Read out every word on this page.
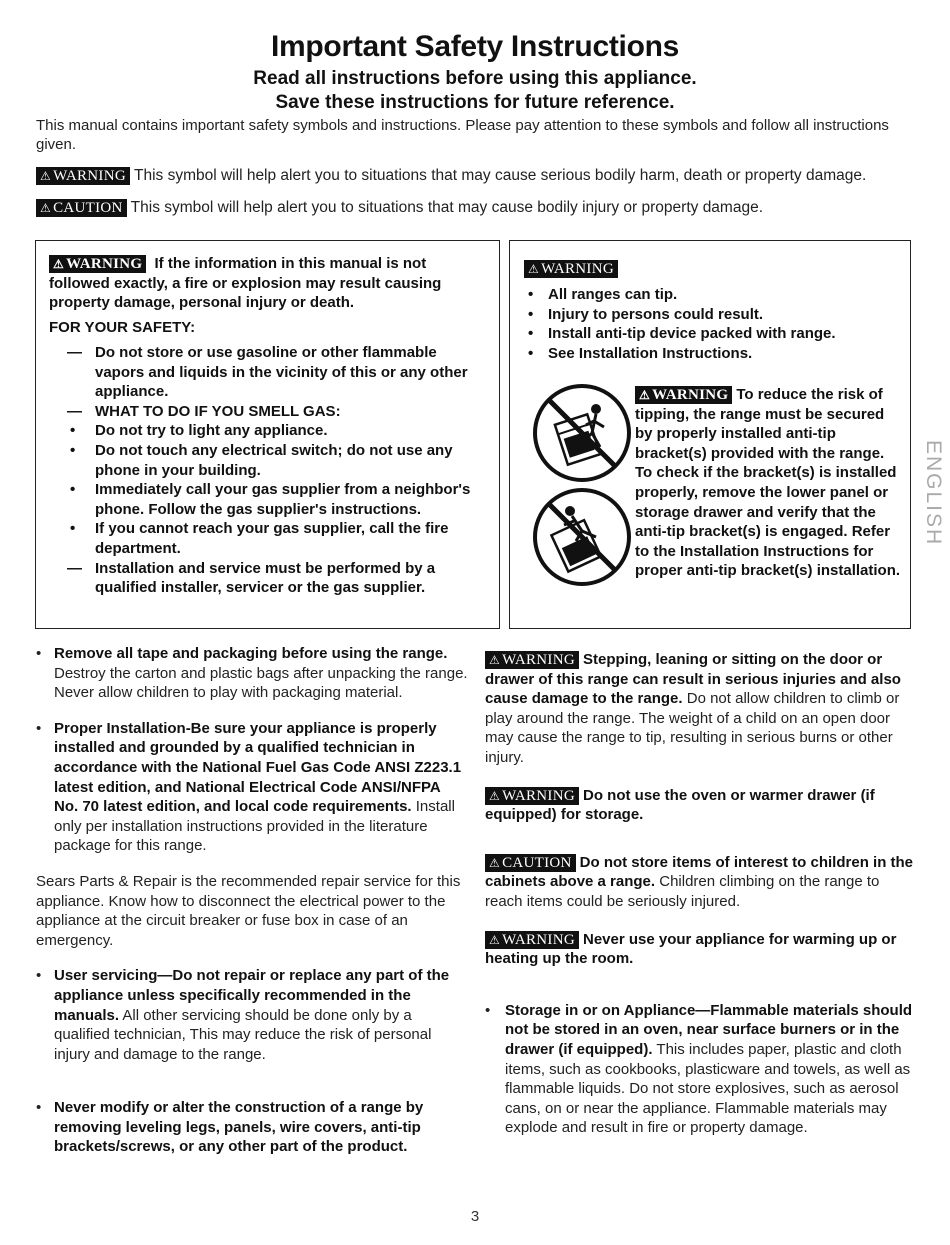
Important Safety Instructions
Read all instructions before using this appliance.
Save these instructions for future reference.
This manual contains important safety symbols and instructions. Please pay attention to these symbols and follow all instructions given.
⚠ WARNING This symbol will help alert you to situations that may cause serious bodily harm, death or property damage.
⚠ CAUTION This symbol will help alert you to situations that may cause bodily injury or property damage.

⚠ WARNING If the information in this manual is not followed exactly, a fire or explosion may result causing property damage, personal injury or death.

FOR YOUR SAFETY:

— Do not store or use gasoline or other flammable vapors and liquids in the vicinity of this or any other appliance.
— WHAT TO DO IF YOU SMELL GAS:
• Do not try to light any appliance.
• Do not touch any electrical switch; do not use any phone in your building.
• Immediately call your gas supplier from a neighbor's phone. Follow the gas supplier's instructions.
• If you cannot reach your gas supplier, call the fire department.
— Installation and service must be performed by a qualified installer, servicer or the gas supplier.
⚠ WARNING
• All ranges can tip.
• Injury to persons could result.
• Install anti-tip device packed with range.
• See Installation Instructions.
⚠ WARNING To reduce the risk of tipping, the range must be secured by properly installed anti-tip bracket(s) provided with the range. To check if the bracket(s) is installed properly, remove the lower panel or storage drawer and verify that the anti-tip bracket(s) is engaged. Refer to the Installation Instructions for proper anti-tip bracket(s) installation.
• Remove all tape and packaging before using the range. Destroy the carton and plastic bags after unpacking the range. Never allow children to play with packaging material.
• Proper Installation-Be sure your appliance is properly installed and grounded by a qualified technician in accordance with the National Fuel Gas Code ANSI Z223.1 latest edition, and National Electrical Code ANSI/NFPA No. 70 latest edition, and local code requirements. Install only per installation instructions provided in the literature package for this range.
Sears Parts & Repair is the recommended repair service for this appliance. Know how to disconnect the electrical power to the appliance at the circuit breaker or fuse box in case of an emergency.
• User servicing—Do not repair or replace any part of the appliance unless specifically recommended in the manuals. All other servicing should be done only by a qualified technician, This may reduce the risk of personal injury and damage to the range.
• Never modify or alter the construction of a range by removing leveling legs, panels, wire covers, anti-tip brackets/screws, or any other part of the product.
⚠ WARNING Stepping, leaning or sitting on the door or drawer of this range can result in serious injuries and also cause damage to the range. Do not allow children to climb or play around the range. The weight of a child on an open door may cause the range to tip, resulting in serious burns or other injury.
⚠ WARNING Do not use the oven or warmer drawer (if equipped) for storage.
⚠ CAUTION Do not store items of interest to children in the cabinets above a range. Children climbing on the range to reach items could be seriously injured.
⚠ WARNING Never use your appliance for warming up or heating up the room.
• Storage in or on Appliance—Flammable materials should not be stored in an oven, near surface burners or in the drawer (if equipped). This includes paper, plastic and cloth items, such as cookbooks, plasticware and towels, as well as flammable liquids. Do not store explosives, such as aerosol cans, on or near the appliance. Flammable materials may explode and result in fire or property damage.
ENGLISH
3
